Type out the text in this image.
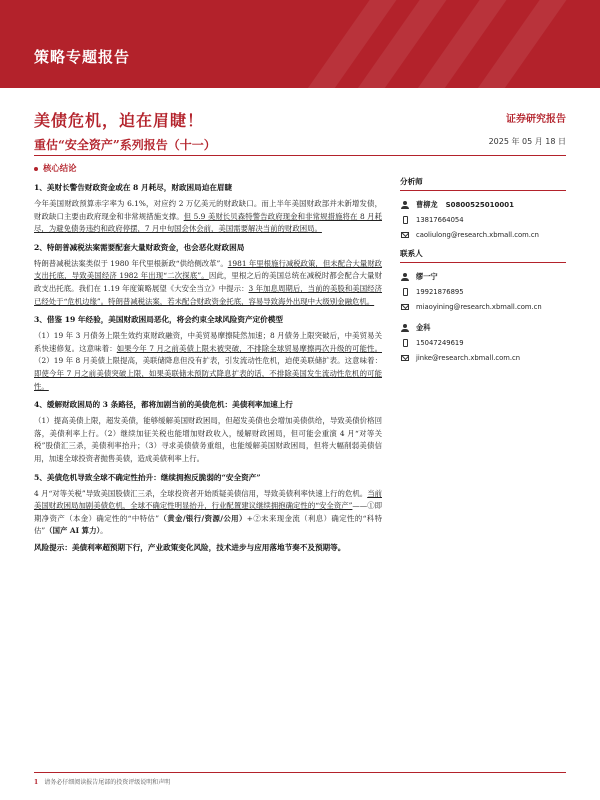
策略专题报告
美债危机，迫在眉睫！
重估“安全资产”系列报告（十一）
证券研究报告
2025 年 05 月 18 日
核心结论
1、美财长警告财政资金或在 8 月耗尽，财政困局迫在眉睫
今年美国财政预算赤字率为 6.1%，对应约 2 万亿美元的财政缺口。而上半年美国财政部并未新增发债，财政缺口主要由政府现金和非常规措施支撑。但 5.9 美财长贝森特警告政府现金和非常规措施将在 8 月耗尽，为避免债务违约和政府停摆，7 月中旬国会休会前，美国需要解决当前的财政困局。
2、特朗普减税法案需要配套大量财政资金，也会恶化财政困局
特朗普减税法案类似于 1980 年代里根新政“供给侧改革”。1981 年里根施行减税政策，但未配合大量财政支出托底，导致美国经济 1982 年出现“二次探底”。因此，里根之后的美国总统在减税时都会配合大量财政支出托底。我们在 1.19 年度策略展望《大安全当立》中提示：3 年加息周期后，当前的美股和美国经济已经处于“危机边缘”。特朗普减税法案，若未配合财政资金托底，容易导致海外出现中大级别金融危机。
3、借鉴 19 年经验，美国财政困局恶化，将会约束全球风险资产定价模型
（1）19 年 3 月债务上限生效约束财政融资，中美贸易摩擦陡然加速；8 月债务上限突破后，中美贸易关系快速修复。这意味着：如果今年 7 月之前美债上限未被突破，不排除全球贸易摩擦再次升级的可能性。（2）19 年 8 月美债上限提高，美联储降息但没有扩表，引发流动性危机，迫使美联储扩表。这意味着：即使今年 7 月之前美债突破上限，如果美联储未预防式降息扩表的话，不排除美国发生流动性危机的可能性。
4、缓解财政困局的 3 条路径，都将加剧当前的美债危机：美债利率加速上行
（1）提高美债上限，超发美债，能够缓解美国财政困局，但超发美债也会增加美债供给，导致美债价格回落，美债利率上行。（2）继续加征关税也能增加财政收入，缓解财政困局，但可能会重演 4 月“对等关税”股债汇三杀，美债利率抬升；（3）寻求美债债务重组，也能缓解美国财政困局，但将大幅削弱美债信用，加速全球投资者抛售美债，造成美债利率上行。
5、美债危机导致全球不确定性抬升：继续拥抱反脆弱的“安全资产”
4 月“对等关税”导致美国股债汇三杀，全球投资者开始质疑美债信用，导致美债利率快速上行的危机。当前美国财政困局加剧美债危机，全球不确定性明显抬升，行业配置建议继续拥抱确定性的“安全资产”——①即期净资产（本金）确定性的“中特估”（黄金/银行/资源/公用）+②未来现金流（利息）确定性的“科特估”（国产 AI 算力）。
风险提示：美债利率超预期下行，产业政策变化风险，技术进步与应用落地节奏不及预期等。
分析师
曹柳龙 S0800525010001
13817664054
caoliulong@research.xbmall.com.cn
联系人
缪一宁
19921876895
miaoyining@research.xbmall.com.cn
金科
15047249619
jinke@research.xbmall.com.cn
1 请务必仔细阅读报告尾部的投资评级说明和声明
